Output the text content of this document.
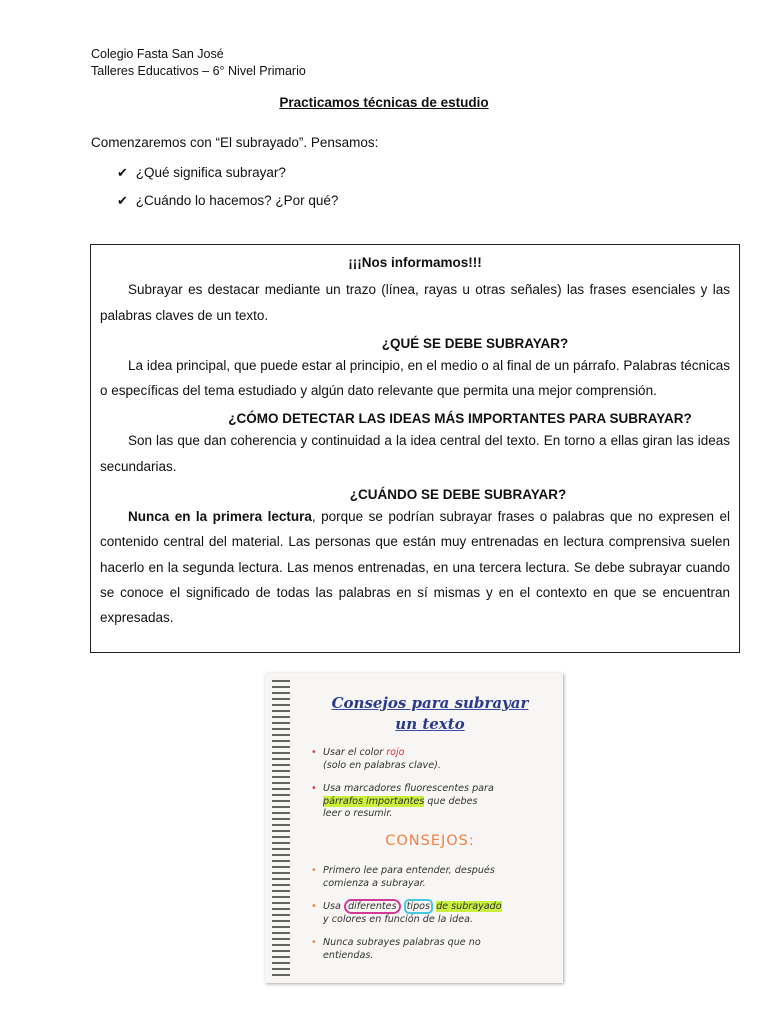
Colegio Fasta San José
Talleres Educativos – 6° Nivel Primario
Practicamos técnicas de estudio
Comenzaremos con “El subrayado”. Pensamos:
✔ ¿Qué significa subrayar?
✔ ¿Cuándo lo hacemos? ¿Por qué?
¡¡¡Nos informamos!!!

Subrayar es destacar mediante un trazo (línea, rayas u otras señales) las frases esenciales y las palabras claves de un texto.

¿QUÉ SE DEBE SUBRAYAR?

La idea principal, que puede estar al principio, en el medio o al final de un párrafo. Palabras técnicas o específicas del tema estudiado y algún dato relevante que permita una mejor comprensión.

¿CÓMO DETECTAR LAS IDEAS MÁS IMPORTANTES PARA SUBRAYAR?

Son las que dan coherencia y continuidad a la idea central del texto. En torno a ellas giran las ideas secundarias.

¿CUÁNDO SE DEBE SUBRAYAR?

Nunca en la primera lectura, porque se podrían subrayar frases o palabras que no expresen el contenido central del material. Las personas que están muy entrenadas en lectura comprensiva suelen hacerlo en la segunda lectura. Las menos entrenadas, en una tercera lectura. Se debe subrayar cuando se conoce el significado de todas las palabras en sí mismas y en el contexto en que se encuentran expresadas.

Consejos para subrayar
un texto
• Usar el color rojo
(solo en palabras clave).
• Usa marcadores fluorescentes para
párrafos importantes que debes
leer o resumir.
CONSEJOS:
• Primero lee para entender, después
comienza a subrayar.
• Usa diferentes tipos de subrayado
y colores en función de la idea.
• Nunca subrayes palabras que no
entiendas.
